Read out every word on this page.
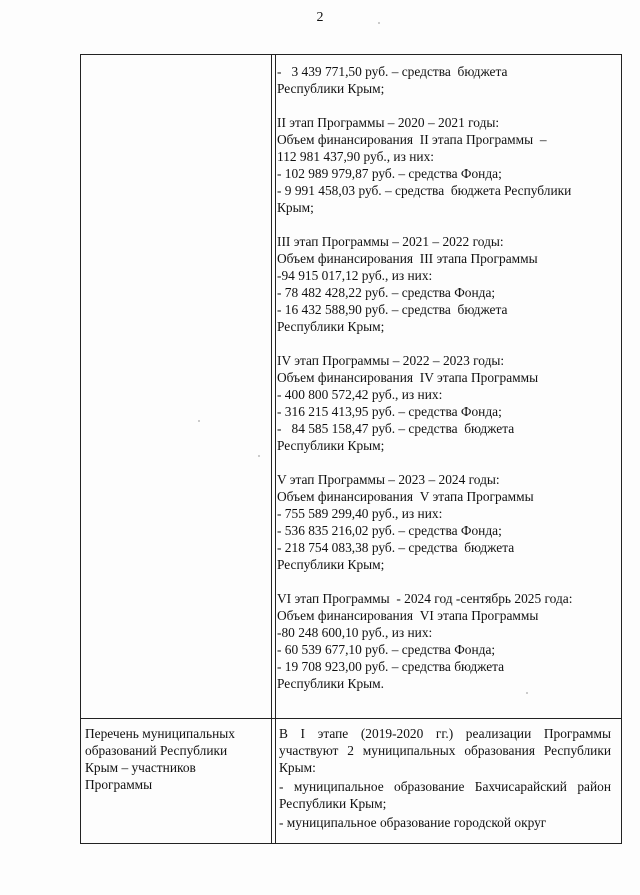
2
-   3 439 771,50 руб. – средства  бюджета
Республики Крым;
II этап Программы – 2020 – 2021 годы:
Объем финансирования  II этапа Программы  –
112 981 437,90 руб., из них:
- 102 989 979,87 руб. – средства Фонда;
- 9 991 458,03 руб. – средства  бюджета Республики
Крым;
III этап Программы – 2021 – 2022 годы:
Объем финансирования  III этапа Программы
-94 915 017,12 руб., из них:
- 78 482 428,22 руб. – средства Фонда;
- 16 432 588,90 руб. – средства  бюджета
Республики Крым;
IV этап Программы – 2022 – 2023 годы:
Объем финансирования  IV этапа Программы
- 400 800 572,42 руб., из них:
- 316 215 413,95 руб. – средства Фонда;
-   84 585 158,47 руб. – средства  бюджета
Республики Крым;
V этап Программы – 2023 – 2024 годы:
Объем финансирования  V этапа Программы
- 755 589 299,40 руб., из них:
- 536 835 216,02 руб. – средства Фонда;
- 218 754 083,38 руб. – средства  бюджета
Республики Крым;
VI этап Программы  - 2024 год -сентябрь 2025 года:
Объем финансирования  VI этапа Программы
-80 248 600,10 руб., из них:
- 60 539 677,10 руб. – средства Фонда;
- 19 708 923,00 руб. – средства бюджета
Республики Крым.
Перечень муниципальных
образований Республики
Крым – участников
Программы

В I этапе (2019-2020 гг.) реализации Программы участвуют 2 муниципальных образования Республики Крым:

- муниципальное образование Бахчисарайский район Республики Крым;

- муниципальное образование городской округ
